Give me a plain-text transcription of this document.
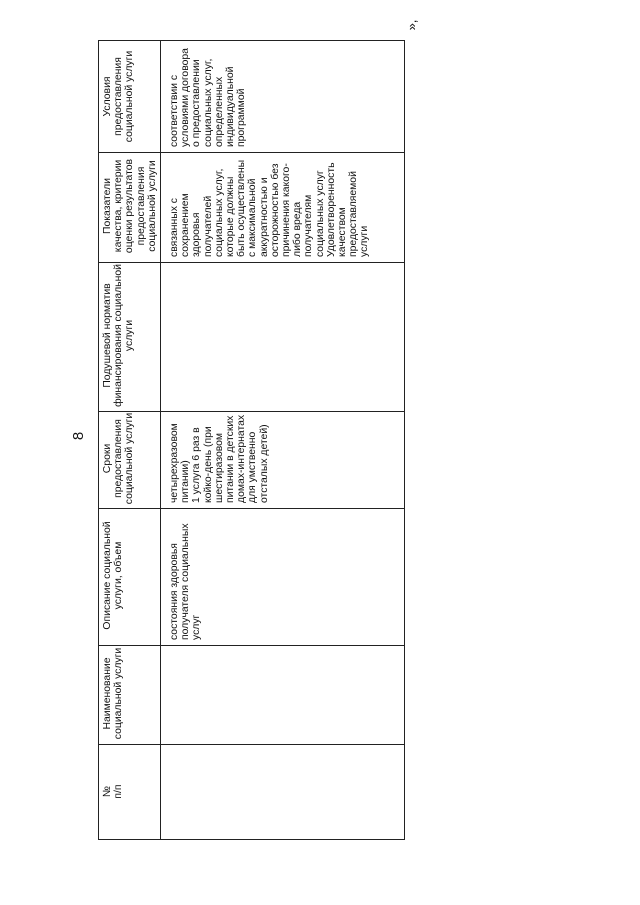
8
»,
№
п/п
Наименование
социальной услуги
Описание социальной
услуги, объем
Сроки
предоставления
социальной услуги
Подушевой норматив
финансирования социальной
услуги
Показатели
качества, критерии
оценки результатов
предоставления
социальной услуги
Условия
предоставления
социальной услуги
состояния здоровья
получателя социальных
услуг
четырехразовом
питании)
1 услуга 6 раз в
койко-день (при
шестиразовом
питании в детских
домах-интернатах
для умственно
отсталых детей)
связанных с
сохранением
здоровья
получателей
социальных услуг,
которые должны
быть осуществлены
с максимальной
аккуратностью и
осторожностью без
причинения какого-
либо вреда
получателям
социальных услуг
Удовлетворенность
качеством
предоставляемой
услуги
соответствии с
условиями договора
о предоставлении
социальных услуг,
определенных
индивидуальной
программой
